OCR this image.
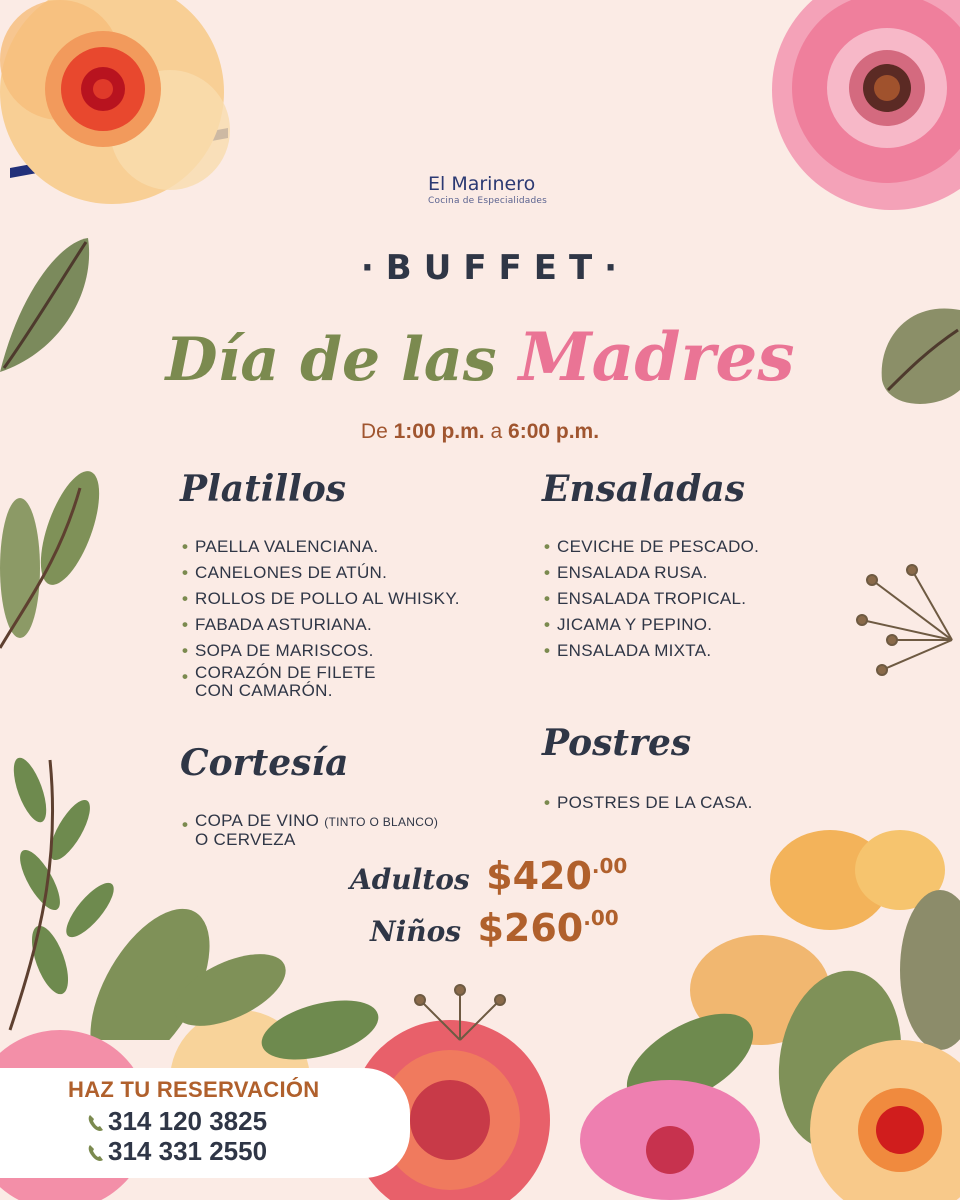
El Marinero
Cocina de Especialidades
·BUFFET·
Día de las Madres
De 1:00 p.m. a 6:00 p.m.
Platillos
• PAELLA VALENCIANA.
• CANELONES DE ATÚN.
• ROLLOS DE POLLO AL WHISKY.
• FABADA ASTURIANA.
• SOPA DE MARISCOS.
• CORAZÓN DE FILETE
CON CAMARÓN.
Ensaladas
• CEVICHE DE PESCADO.
• ENSALADA RUSA.
• ENSALADA TROPICAL.
• JICAMA Y PEPINO.
• ENSALADA MIXTA.
Cortesía
• COPA DE VINO (TINTO O BLANCO)
O CERVEZA
Postres
• POSTRES DE LA CASA.
Adultos $\$420^{.00}$
Niños $\$260^{.00}$
HAZ TU RESERVACIÓN
314 120 3825
314 331 2550
